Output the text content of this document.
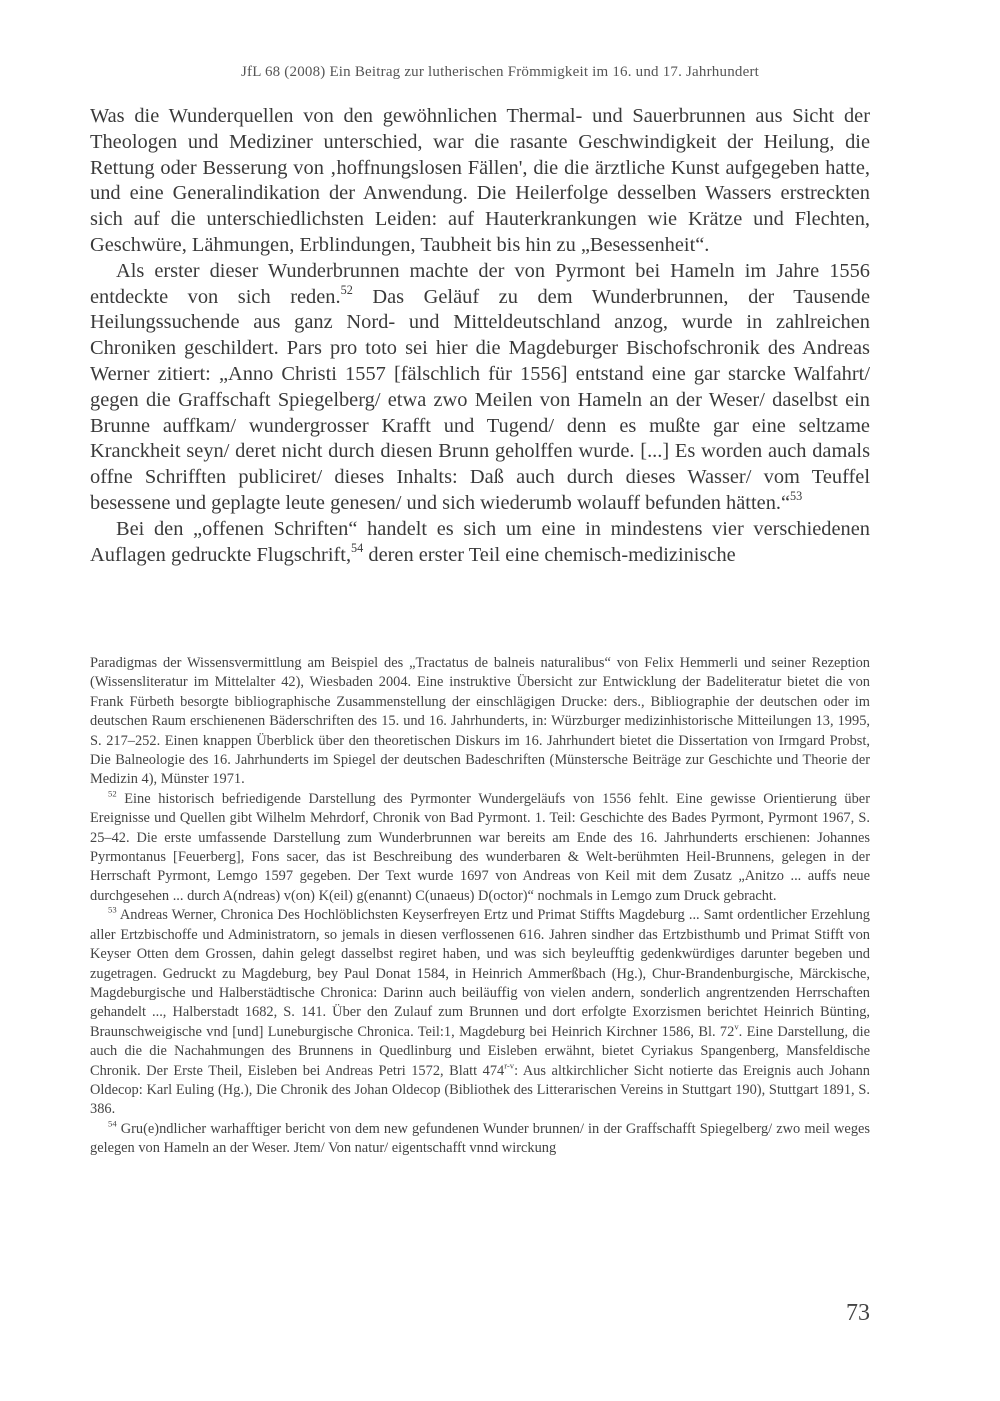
JfL 68 (2008) Ein Beitrag zur lutherischen Frömmigkeit im 16. und 17. Jahrhundert

Was die Wunderquellen von den gewöhnlichen Thermal- und Sauerbrunnen aus Sicht der Theologen und Mediziner unterschied, war die rasante Geschwindigkeit der Heilung, die Rettung oder Besserung von ‚hoffnungslosen Fällen', die die ärztliche Kunst aufgegeben hatte, und eine Generalindikation der Anwendung. Die Heilerfolge desselben Wassers erstreckten sich auf die unterschiedlichsten Leiden: auf Hauterkrankungen wie Krätze und Flechten, Geschwüre, Lähmungen, Erblindungen, Taubheit bis hin zu „Besessenheit“.

Als erster dieser Wunderbrunnen machte der von Pyrmont bei Hameln im Jahre 1556 entdeckte von sich reden.$^{52}$ Das Geläuf zu dem Wunderbrunnen, der Tausende Heilungssuchende aus ganz Nord- und Mitteldeutschland anzog, wurde in zahlreichen Chroniken geschildert. Pars pro toto sei hier die Magdeburger Bischofschronik des Andreas Werner zitiert: „Anno Christi 1557 [fälschlich für 1556] entstand eine gar starcke Walfahrt/ gegen die Graffschaft Spiegelberg/ etwa zwo Meilen von Hameln an der Weser/ daselbst ein Brunne auffkam/ wundergrosser Krafft und Tugend/ denn es mußte gar eine seltzame Kranckheit seyn/ deret nicht durch diesen Brunn geholffen wurde. [...] Es worden auch damals offne Schrifften publiciret/ dieses Inhalts: Daß auch durch dieses Wasser/ vom Teuffel besessene und geplagte leute genesen/ und sich wiederumb wolauff befunden hätten.“$^{53}$

Bei den „offenen Schriften“ handelt es sich um eine in mindestens vier verschiedenen Auflagen gedruckte Flugschrift,$^{54}$ deren erster Teil eine chemisch-medizinische

Paradigmas der Wissensvermittlung am Beispiel des „Tractatus de balneis naturalibus“ von Felix Hemmerli und seiner Rezeption (Wissensliteratur im Mittelalter 42), Wiesbaden 2004. Eine instruktive Übersicht zur Entwicklung der Badeliteratur bietet die von Frank Fürbeth besorgte bibliographische Zusammenstellung der einschlägigen Drucke: ders., Bibliographie der deutschen oder im deutschen Raum erschienenen Bäderschriften des 15. und 16. Jahrhunderts, in: Würzburger medizinhistorische Mitteilungen 13, 1995, S. 217–252. Einen knappen Überblick über den theoretischen Diskurs im 16. Jahrhundert bietet die Dissertation von Irmgard Probst, Die Balneologie des 16. Jahrhunderts im Spiegel der deutschen Badeschriften (Münstersche Beiträge zur Geschichte und Theorie der Medizin 4), Münster 1971.

$^{52}$ Eine historisch befriedigende Darstellung des Pyrmonter Wundergeläufs von 1556 fehlt. Eine gewisse Orientierung über Ereignisse und Quellen gibt Wilhelm Mehrdorf, Chronik von Bad Pyrmont. 1. Teil: Geschichte des Bades Pyrmont, Pyrmont 1967, S. 25–42. Die erste umfassende Darstellung zum Wunderbrunnen war bereits am Ende des 16. Jahrhunderts erschienen: Johannes Pyrmontanus [Feuerberg], Fons sacer, das ist Beschreibung des wunderbaren & Welt-berühmten Heil-Brunnens, gelegen in der Herrschaft Pyrmont, Lemgo 1597 gegeben. Der Text wurde 1697 von Andreas von Keil mit dem Zusatz „Anitzo ... auffs neue durchgesehen ... durch A(ndreas) v(on) K(eil) g(enannt) C(unaeus) D(octor)“ nochmals in Lemgo zum Druck gebracht.

$^{53}$ Andreas Werner, Chronica Des Hochlöblichsten Keyserfreyen Ertz und Primat Stiffts Magdeburg ... Samt ordentlicher Erzehlung aller Ertzbischoffe und Administratorn, so jemals in diesen verflossenen 616. Jahren sindher das Ertzbisthumb und Primat Stifft von Keyser Otten dem Grossen, dahin gelegt dasselbst regiret haben, und was sich beyleufftig gedenkwürdiges darunter begeben und zugetragen. Gedruckt zu Magdeburg, bey Paul Donat 1584, in Heinrich Ammerßbach (Hg.), Chur-Brandenburgische, Märckische, Magdeburgische und Halberstädtische Chronica: Darinn auch beiläuffig von vielen andern, sonderlich angrentzenden Herrschaften gehandelt ..., Halberstadt 1682, S. 141. Über den Zulauf zum Brunnen und dort erfolgte Exorzismen berichtet Heinrich Bünting, Braunschweigische vnd [und] Luneburgische Chronica. Teil:1, Magdeburg bei Heinrich Kirchner 1586, Bl. 72$^v$. Eine Darstellung, die auch die die Nachahmungen des Brunnens in Quedlinburg und Eisleben erwähnt, bietet Cyriakus Spangenberg, Mansfeldische Chronik. Der Erste Theil, Eisleben bei Andreas Petri 1572, Blatt 474$^{r-v}$: Aus altkirchlicher Sicht notierte das Ereignis auch Johann Oldecop: Karl Euling (Hg.), Die Chronik des Johan Oldecop (Bibliothek des Litterarischen Vereins in Stuttgart 190), Stuttgart 1891, S. 386.

$^{54}$ Gru(e)ndlicher warhafftiger bericht von dem new gefundenen Wunder brunnen/ in der Graffschafft Spiegelberg/ zwo meil weges gelegen von Hameln an der Weser. Jtem/ Von natur/ eigentschafft vnnd wirckung

73
